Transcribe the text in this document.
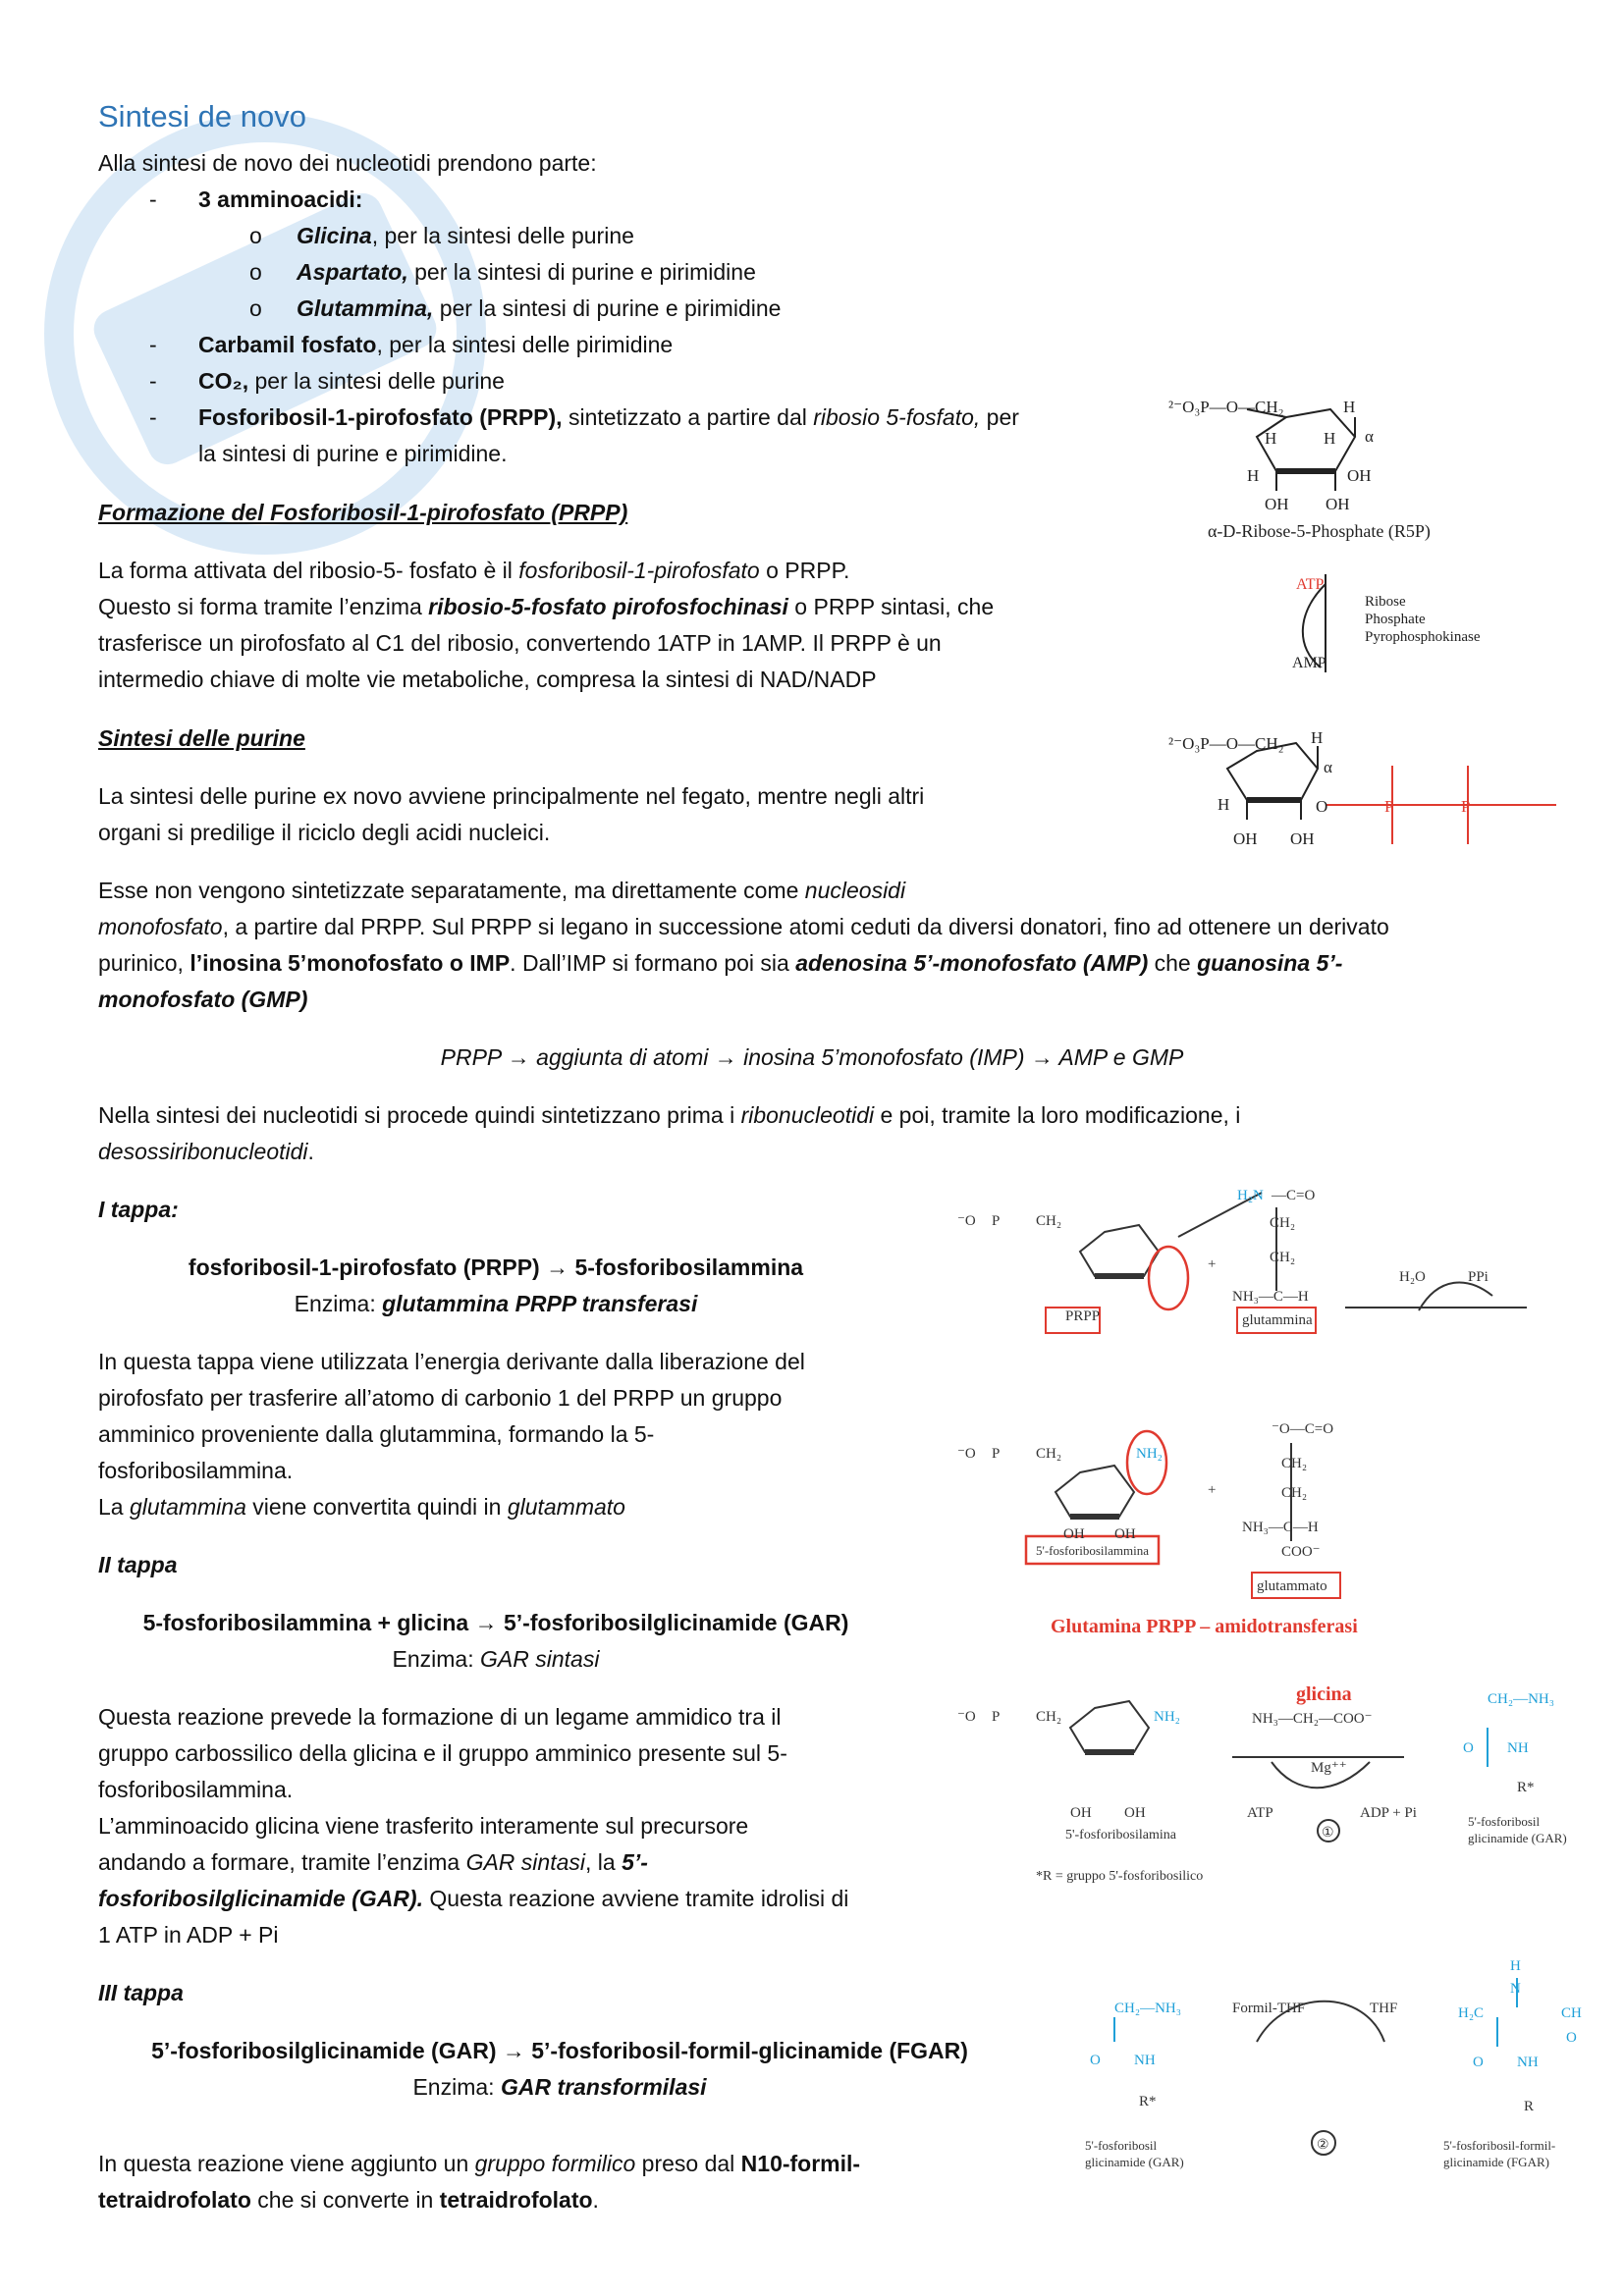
Sintesi de novo
Alla sintesi de novo dei nucleotidi prendono parte:
- 3 amminoacidi:
o Glicina, per la sintesi delle purine
o Aspartato, per la sintesi di purine e pirimidine
o Glutammina, per la sintesi di purine e pirimidine
- Carbamil fosfato, per la sintesi delle pirimidine
- CO₂, per la sintesi delle purine
- Fosforibosil-1-pirofosfato (PRPP), sintetizzato a partire dal ribosio 5-fosfato, per
la sintesi di purine e pirimidine.
Formazione del Fosforibosil-1-pirofosfato (PRPP)
La forma attivata del ribosio-5- fosfato è il fosforibosil-1-pirofosfato o PRPP.
Questo si forma tramite l’enzima ribosio-5-fosfato pirofosfochinasi o PRPP sintasi, che
trasferisce un pirofosfato al C1 del ribosio, convertendo 1ATP in 1AMP. Il PRPP è un
intermedio chiave di molte vie metaboliche, compresa la sintesi di NAD/NADP
Sintesi delle purine
La sintesi delle purine ex novo avviene principalmente nel fegato, mentre negli altri
organi si predilige il riciclo degli acidi nucleici.
Esse non vengono sintetizzate separatamente, ma direttamente come nucleosidi
monofosfato, a partire dal PRPP. Sul PRPP si legano in successione atomi ceduti da diversi donatori, fino ad ottenere un derivato
purinico, l’inosina 5’monofosfato o IMP. Dall’IMP si formano poi sia adenosina 5’-monofosfato (AMP) che guanosina 5’-
monofosfato (GMP)
PRPP → aggiunta di atomi → inosina 5’monofosfato (IMP) → AMP e GMP
Nella sintesi dei nucleotidi si procede quindi sintetizzano prima i ribonucleotidi e poi, tramite la loro modificazione, i
desossiribonucleotidi.
I tappa:
fosforibosil-1-pirofosfato (PRPP) → 5-fosforibosilammina
Enzima: glutammina PRPP transferasi
In questa tappa viene utilizzata l’energia derivante dalla liberazione del
pirofosfato per trasferire all’atomo di carbonio 1 del PRPP un gruppo
amminico proveniente dalla glutammina, formando la 5-
fosforibosilammina.
La glutammina viene convertita quindi in glutammato
II tappa
5-fosforibosilammina + glicina → 5’-fosforibosilglicinamide (GAR)
Enzima: GAR sintasi
Questa reazione prevede la formazione di un legame ammidico tra il
gruppo carbossilico della glicina e il gruppo amminico presente sul 5-
fosforibosilammina.
L’amminoacido glicina viene trasferito interamente sul precursore
andando a formare, tramite l’enzima GAR sintasi, la 5’-
fosforibosilglicinamide (GAR). Questa reazione avviene tramite idrolisi di
1 ATP in ADP + Pi
III tappa
5’-fosforibosilglicinamide (GAR) → 5’-fosforibosil-formil-glicinamide (FGAR)
Enzima: GAR transformilasi
In questa reazione viene aggiunto un gruppo formilico preso dal N10-formil-
tetraidrofolato che si converte in tetraidrofolato.
²⁻O₃P—O—CH₂	H
α
H	H
H	OH
OH OH
α-D-Ribose-5-Phosphate (R5P)
ATP
AMP
Ribose
Phosphate
Pyrophosphokinase
²⁻O₃P—O—CH₂ H
α
H
OH OH
O	P	P
⁻O P CH₂
PRPP
H₂N —C=O
CH₂
CH₂
NH₃—C—H
glutammina
+
H₂O	PPi
⁻O P CH₂	NH₂
OH OH
5'-fosforibosilammina
+
⁻O—C=O
CH₂
CH₂
NH₃—C—H
COO⁻
glutammato
Glutamina PRPP – amidotransferasi
glicina
NH₃—CH₂—COO⁻
⁻O P CH₂	NH₂
Mg⁺⁺
OH OH
5'-fosforibosilamina
ATP	ADP + Pi
①
CH₂—NH₃
O NH
R*
5'-fosforibosil
glicinamide (GAR)
*R = gruppo 5'-fosforibosilico
CH₂—NH₃
O NH
R*
Formil-THF	THF
②
H
N
H₂C	CH
O
O NH
R
5'-fosforibosil
glicinamide (GAR)
5'-fosforibosil-formil-
glicinamide (FGAR)
